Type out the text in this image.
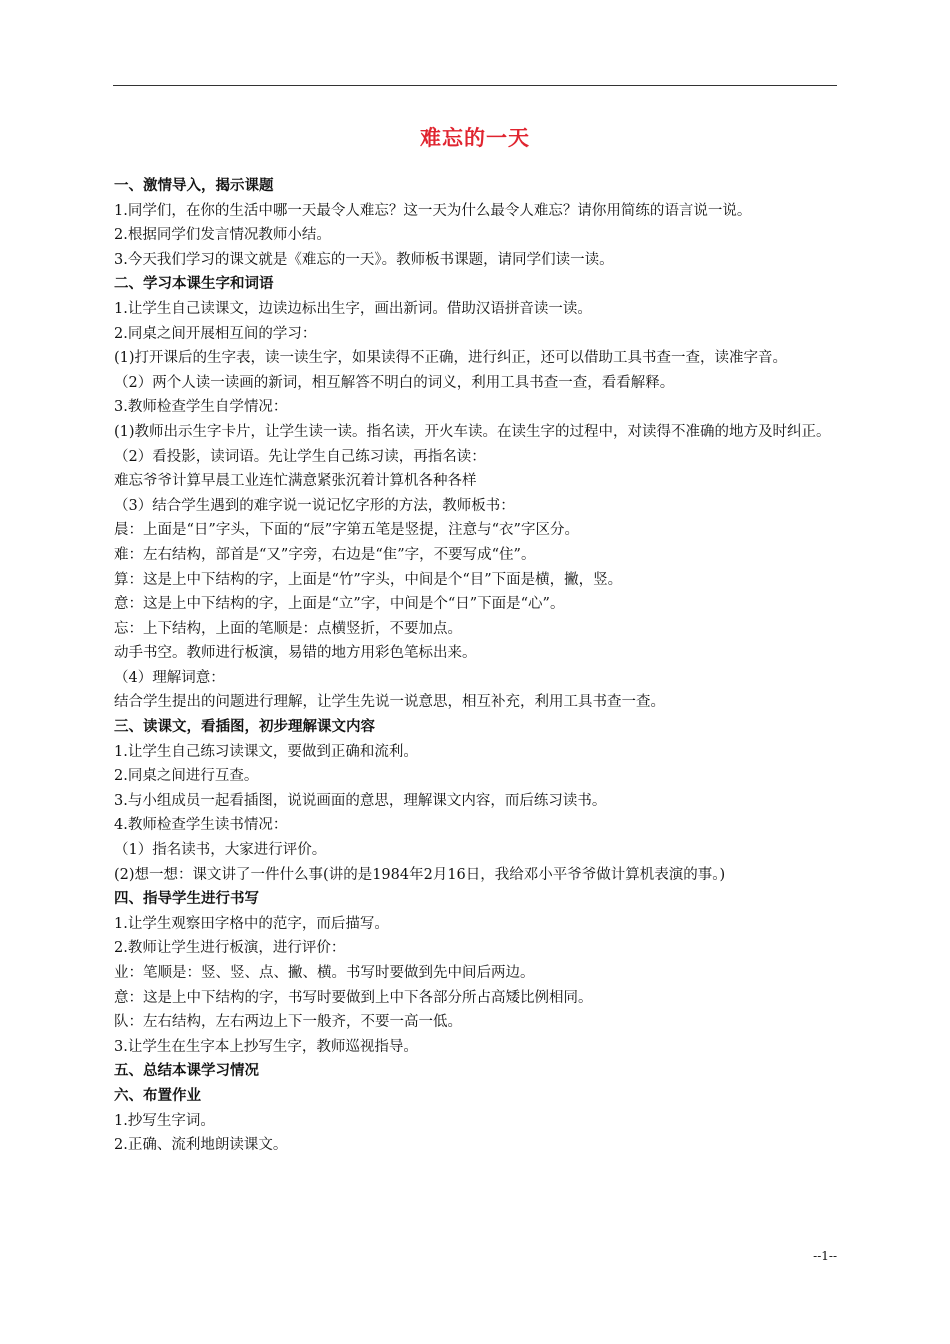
难忘的一天
一、激情导入，揭示课题
1.同学们，在你的生活中哪一天最令人难忘？这一天为什么最令人难忘？请你用简练的语言说一说。
2.根据同学们发言情况教师小结。
3.今天我们学习的课文就是《难忘的一天》。教师板书课题，请同学们读一读。
二、学习本课生字和词语
1.让学生自己读课文，边读边标出生字，画出新词。借助汉语拼音读一读。
2.同桌之间开展相互间的学习：
(1)打开课后的生字表，读一读生字，如果读得不正确，进行纠正，还可以借助工具书查一查，读准字音。
（2）两个人读一读画的新词，相互解答不明白的词义，利用工具书查一查，看看解释。
3.教师检查学生自学情况：
(1)教师出示生字卡片，让学生读一读。指名读，开火车读。在读生字的过程中，对读得不准确的地方及时纠正。
（2）看投影，读词语。先让学生自己练习读，再指名读：
难忘爷爷计算早晨工业连忙满意紧张沉着计算机各种各样
（3）结合学生遇到的难字说一说记忆字形的方法，教师板书：
晨：上面是“日”字头，下面的“辰”字第五笔是竖提，注意与“衣”字区分。
难：左右结构，部首是“又”字旁，右边是“隹”字，不要写成“住”。
算：这是上中下结构的字，上面是“竹”字头，中间是个“目”下面是横，撇，竖。
意：这是上中下结构的字，上面是“立”字，中间是个“日”下面是“心”。
忘：上下结构，上面的笔顺是：点横竖折，不要加点。
动手书空。教师进行板演，易错的地方用彩色笔标出来。
（4）理解词意：
结合学生提出的问题进行理解，让学生先说一说意思，相互补充，利用工具书查一查。
三、读课文，看插图，初步理解课文内容
1.让学生自己练习读课文，要做到正确和流利。
2.同桌之间进行互查。
3.与小组成员一起看插图，说说画面的意思，理解课文内容，而后练习读书。
4.教师检查学生读书情况：
（1）指名读书，大家进行评价。
(2)想一想：课文讲了一件什么事(讲的是1984年2月16日，我给邓小平爷爷做计算机表演的事。)
四、指导学生进行书写
1.让学生观察田字格中的范字，而后描写。
2.教师让学生进行板演，进行评价：
业：笔顺是：竖、竖、点、撇、横。书写时要做到先中间后两边。
意：这是上中下结构的字，书写时要做到上中下各部分所占高矮比例相同。
队：左右结构，左右两边上下一般齐，不要一高一低。
3.让学生在生字本上抄写生字，教师巡视指导。
五、总结本课学习情况
六、布置作业
1.抄写生字词。
2.正确、流利地朗读课文。
--1--
